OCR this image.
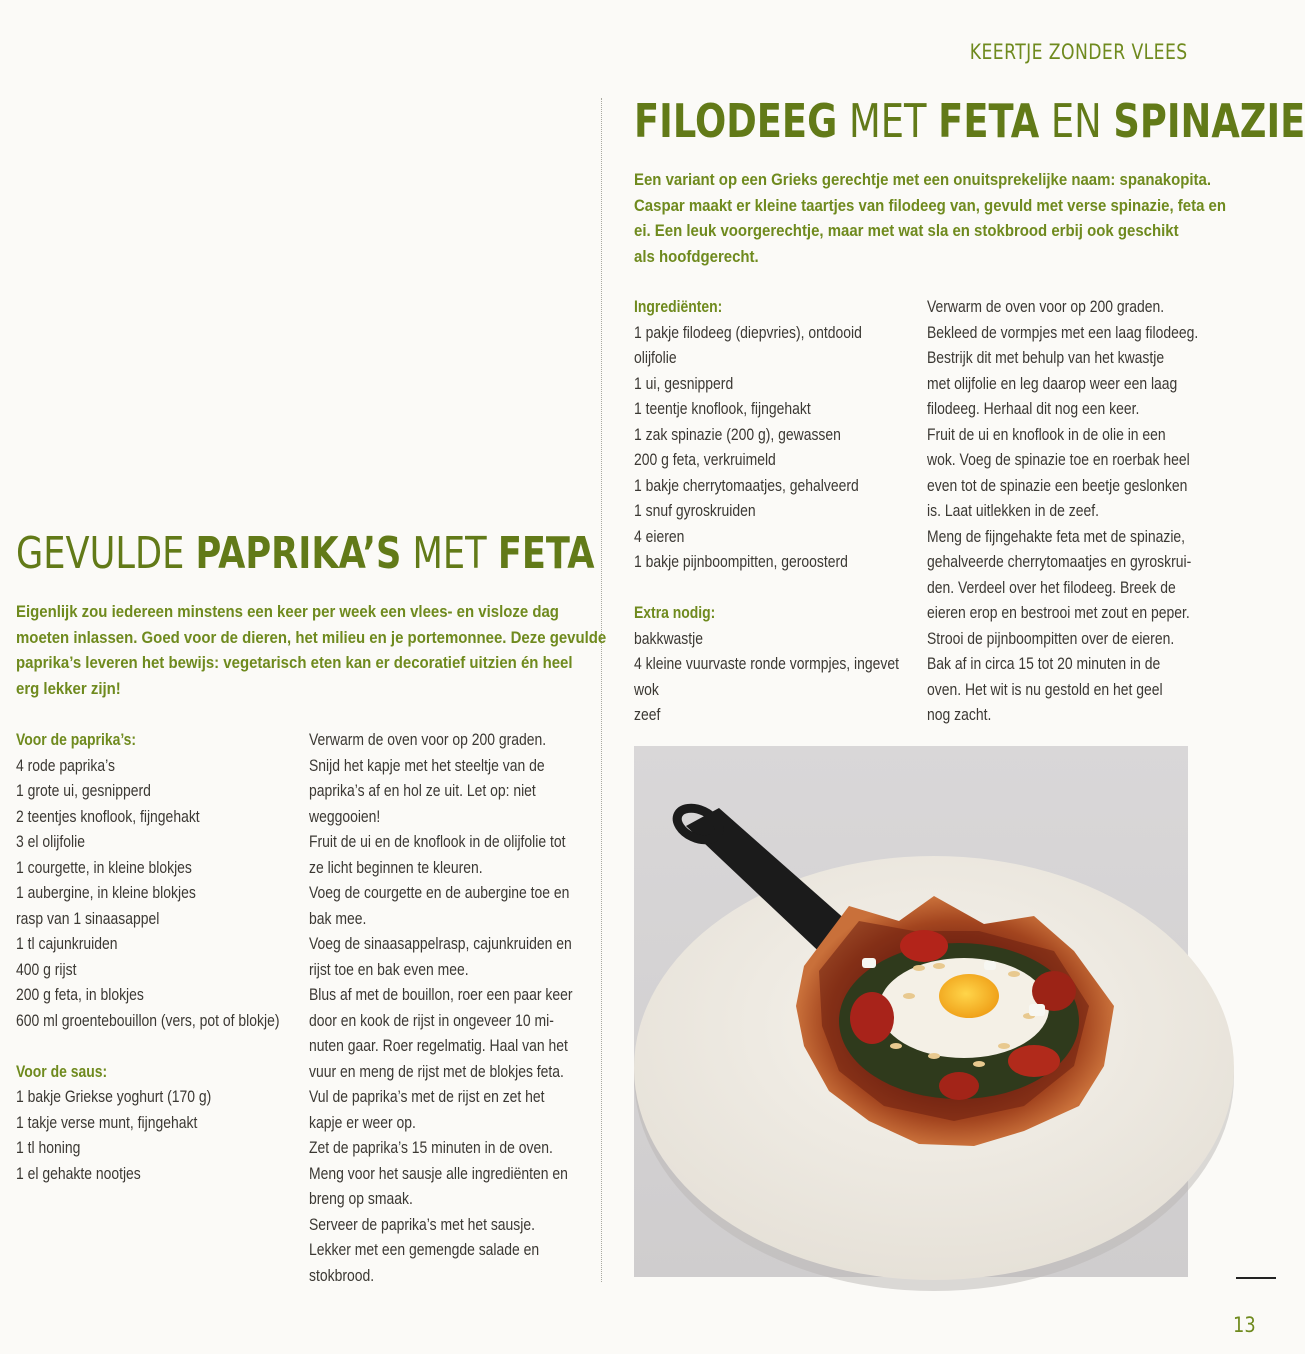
KEERTJE ZONDER VLEES
FILODEEG MET FETA EN SPINAZIE
Een variant op een Grieks gerechtje met een onuitsprekelijke naam: spanakopita.
Caspar maakt er kleine taartjes van filodeeg van, gevuld met verse spinazie, feta en
ei. Een leuk voorgerechtje, maar met wat sla en stokbrood erbij ook geschikt
als hoofdgerecht.
Ingrediënten:
1 pakje filodeeg (diepvries), ontdooid
olijfolie
1 ui, gesnipperd
1 teentje knoflook, fijngehakt
1 zak spinazie (200 g), gewassen
200 g feta, verkruimeld
1 bakje cherrytomaatjes, gehalveerd
1 snuf gyroskruiden
4 eieren
1 bakje pijnboompitten, geroosterd
Extra nodig:
bakkwastje
4 kleine vuurvaste ronde vormpjes, ingevet
wok
zeef
Verwarm de oven voor op 200 graden.
Bekleed de vormpjes met een laag filodeeg.
Bestrijk dit met behulp van het kwastje
met olijfolie en leg daarop weer een laag
filodeeg. Herhaal dit nog een keer.
Fruit de ui en knoflook in de olie in een
wok. Voeg de spinazie toe en roerbak heel
even tot de spinazie een beetje geslonken
is. Laat uitlekken in de zeef.
Meng de fijngehakte feta met de spinazie,
gehalveerde cherrytomaatjes en gyroskrui-
den. Verdeel over het filodeeg. Breek de
eieren erop en bestrooi met zout en peper.
Strooi de pijnboompitten over de eieren.
Bak af in circa 15 tot 20 minuten in de
oven. Het wit is nu gestold en het geel
nog zacht.
GEVULDE PAPRIKA’S MET FETA
Eigenlijk zou iedereen minstens een keer per week een vlees- en visloze dag
moeten inlassen. Goed voor de dieren, het milieu en je portemonnee. Deze gevulde
paprika’s leveren het bewijs: vegetarisch eten kan er decoratief uitzien én heel
erg lekker zijn!
Voor de paprika’s:
4 rode paprika’s
1 grote ui, gesnipperd
2 teentjes knoflook, fijngehakt
3 el olijfolie
1 courgette, in kleine blokjes
1 aubergine, in kleine blokjes
rasp van 1 sinaasappel
1 tl cajunkruiden
400 g rijst
200 g feta, in blokjes
600 ml groentebouillon (vers, pot of blokje)
Voor de saus:
1 bakje Griekse yoghurt (170 g)
1 takje verse munt, fijngehakt
1 tl honing
1 el gehakte nootjes
Verwarm de oven voor op 200 graden.
Snijd het kapje met het steeltje van de
paprika’s af en hol ze uit. Let op: niet
weggooien!
Fruit de ui en de knoflook in de olijfolie tot
ze licht beginnen te kleuren.
Voeg de courgette en de aubergine toe en
bak mee.
Voeg de sinaasappelrasp, cajunkruiden en
rijst toe en bak even mee.
Blus af met de bouillon, roer een paar keer
door en kook de rijst in ongeveer 10 mi-
nuten gaar. Roer regelmatig. Haal van het
vuur en meng de rijst met de blokjes feta.
Vul de paprika’s met de rijst en zet het
kapje er weer op.
Zet de paprika’s 15 minuten in de oven.
Meng voor het sausje alle ingrediënten en
breng op smaak.
Serveer de paprika’s met het sausje.
Lekker met een gemengde salade en
stokbrood.
13
